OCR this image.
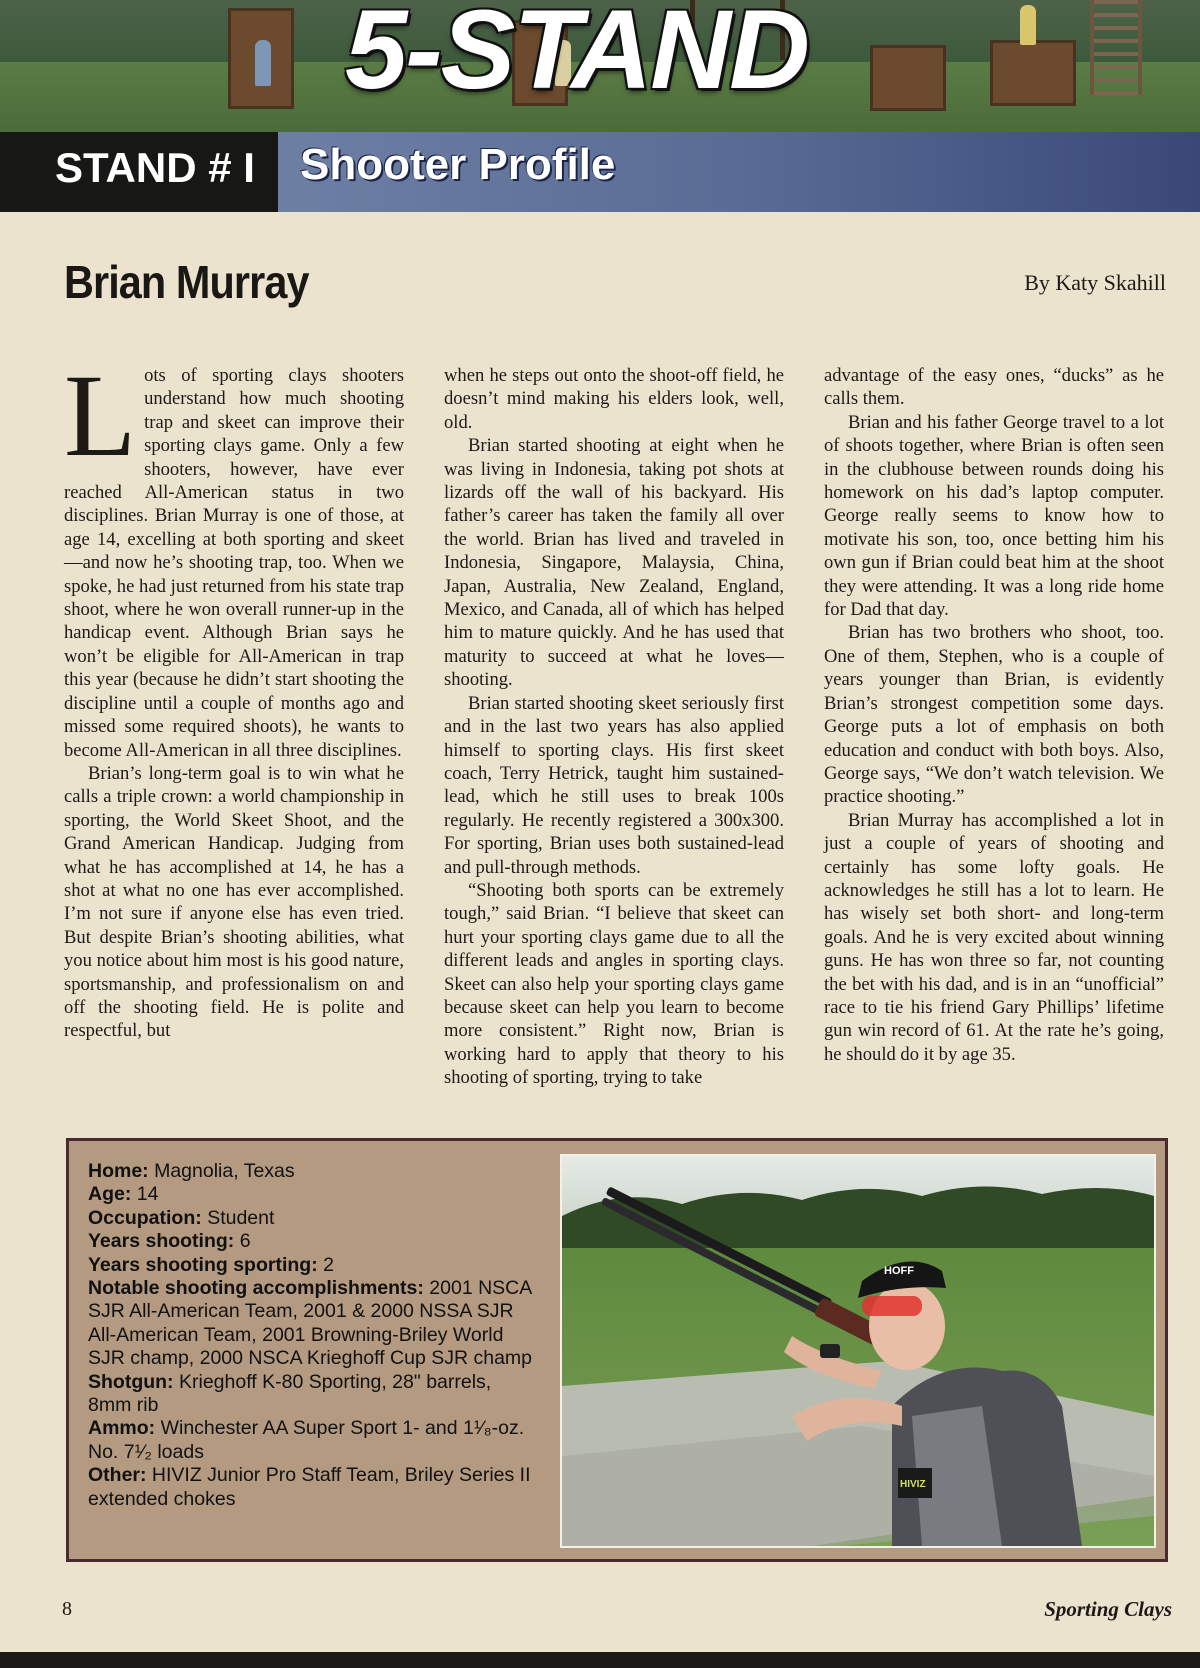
5-STAND
STAND # I Shooter Profile
Brian Murray	By Katy Skahill
L ots of sporting clays shooters understand how much shooting trap and skeet can improve their sporting clays game. Only a few shooters, however, have ever reached All-American status in two disciplines. Brian Murray is one of those, at age 14, excelling at both sporting and skeet—and now he’s shooting trap, too. When we spoke, he had just returned from his state trap shoot, where he won overall runner-up in the handicap event. Although Brian says he won’t be eligible for All-American in trap this year (because he didn’t start shooting the discipline until a couple of months ago and missed some required shoots), he wants to become All-American in all three disciplines.

Brian’s long-term goal is to win what he calls a triple crown: a world championship in sporting, the World Skeet Shoot, and the Grand American Handicap. Judging from what he has accomplished at 14, he has a shot at what no one has ever accomplished. I’m not sure if anyone else has even tried. But despite Brian’s shooting abilities, what you notice about him most is his good nature, sportsmanship, and professionalism on and off the shooting field. He is polite and respectful, but

when he steps out onto the shoot-off field, he doesn’t mind making his elders look, well, old.

Brian started shooting at eight when he was living in Indonesia, taking pot shots at lizards off the wall of his backyard. His father’s career has taken the family all over the world. Brian has lived and traveled in Indonesia, Singapore, Malaysia, China, Japan, Australia, New Zealand, England, Mexico, and Canada, all of which has helped him to mature quickly. And he has used that maturity to succeed at what he loves—shooting.

Brian started shooting skeet seriously first and in the last two years has also applied himself to sporting clays. His first skeet coach, Terry Hetrick, taught him sustained-lead, which he still uses to break 100s regularly. He recently registered a 300x300. For sporting, Brian uses both sustained-lead and pull-through methods.

“Shooting both sports can be extremely tough,” said Brian. “I believe that skeet can hurt your sporting clays game due to all the different leads and angles in sporting clays. Skeet can also help your sporting clays game because skeet can help you learn to become more consistent.” Right now, Brian is working hard to apply that theory to his shooting of sporting, trying to take

advantage of the easy ones, “ducks” as he calls them.

Brian and his father George travel to a lot of shoots together, where Brian is often seen in the clubhouse between rounds doing his homework on his dad’s laptop computer. George really seems to know how to motivate his son, too, once betting him his own gun if Brian could beat him at the shoot they were attending. It was a long ride home for Dad that day.

Brian has two brothers who shoot, too. One of them, Stephen, who is a couple of years younger than Brian, is evidently Brian’s strongest competition some days. George puts a lot of emphasis on both education and conduct with both boys. Also, George says, “We don’t watch television. We practice shooting.”

Brian Murray has accomplished a lot in just a couple of years of shooting and certainly has some lofty goals. He acknowledges he still has a lot to learn. He has wisely set both short- and long-term goals. And he is very excited about winning guns. He has won three so far, not counting the bet with his dad, and is in an “unofficial” race to tie his friend Gary Phillips’ lifetime gun win record of 61. At the rate he’s going, he should do it by age 35.

Home: Magnolia, Texas
Age: 14
Occupation: Student
Years shooting: 6
Years shooting sporting: 2
Notable shooting accomplishments: 2001 NSCA SJR All-American Team, 2001 & 2000 NSSA SJR All-American Team, 2001 Browning-Briley World SJR champ, 2000 NSCA Krieghoff Cup SJR champ
Shotgun: Krieghoff K-80 Sporting, 28" barrels, 8mm rib
Ammo: Winchester AA Super Sport 1- and 1¹⁄₈-oz. No. 7¹⁄₂ loads
Other: HIVIZ Junior Pro Staff Team, Briley Series II extended chokes
HOFF
HIVIZ
8	Sporting Clays
